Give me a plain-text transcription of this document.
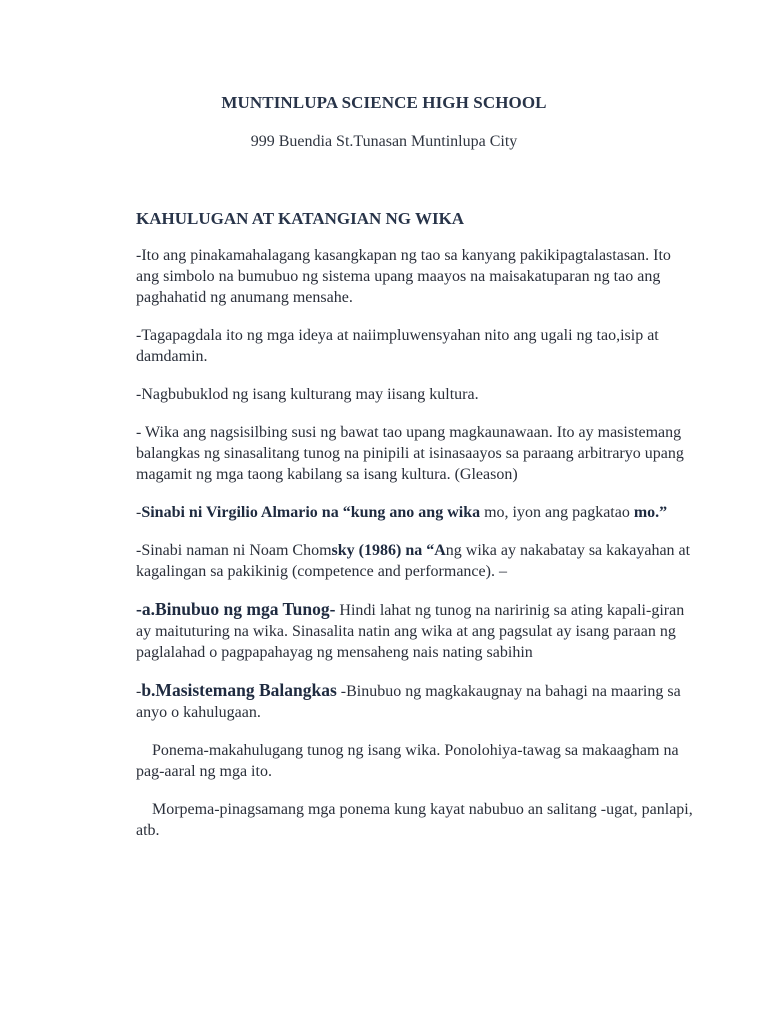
MUNTINLUPA SCIENCE HIGH SCHOOL
999 Buendia St.Tunasan Muntinlupa City
KAHULUGAN AT KATANGIAN NG WIKA

-Ito ang pinakamahalagang kasangkapan ng tao sa kanyang pakikipagtalastasan. Ito ang simbolo na bumubuo ng sistema upang maayos na maisakatuparan ng tao ang paghahatid ng anumang mensahe.

-Tagapagdala ito ng mga ideya at naiimpluwensyahan nito ang ugali ng tao,isip at damdamin.

-Nagbubuklod ng isang kulturang may iisang kultura.

- Wika ang nagsisilbing susi ng bawat tao upang magkaunawaan. Ito ay masistemang balangkas ng sinasalitang tunog na pinipili at isinasaayos sa paraang arbitraryo upang magamit ng mga taong kabilang sa isang kultura. (Gleason)

-Sinabi ni Virgilio Almario na “kung ano ang wika mo, iyon ang pagkatao mo.”

-Sinabi naman ni Noam Chomsky (1986) na “Ang wika ay nakabatay sa kakayahan at kagalingan sa pakikinig (competence and performance). –

-a.Binubuo ng mga Tunog- Hindi lahat ng tunog na naririnig sa ating kapali-giran ay maituturing na wika. Sinasalita natin ang wika at ang pagsulat ay isang paraan ng paglalahad o pagpapahayag ng mensaheng nais nating sabihin

-b.Masistemang Balangkas -Binubuo ng magkakaugnay na bahagi na maaring sa anyo o kahulugaan.

Ponema-makahulugang tunog ng isang wika. Ponolohiya-tawag sa makaagham na pag-aaral ng mga ito.

Morpema-pinagsamang mga ponema kung kayat nabubuo an salitang -ugat, panlapi, atb.
